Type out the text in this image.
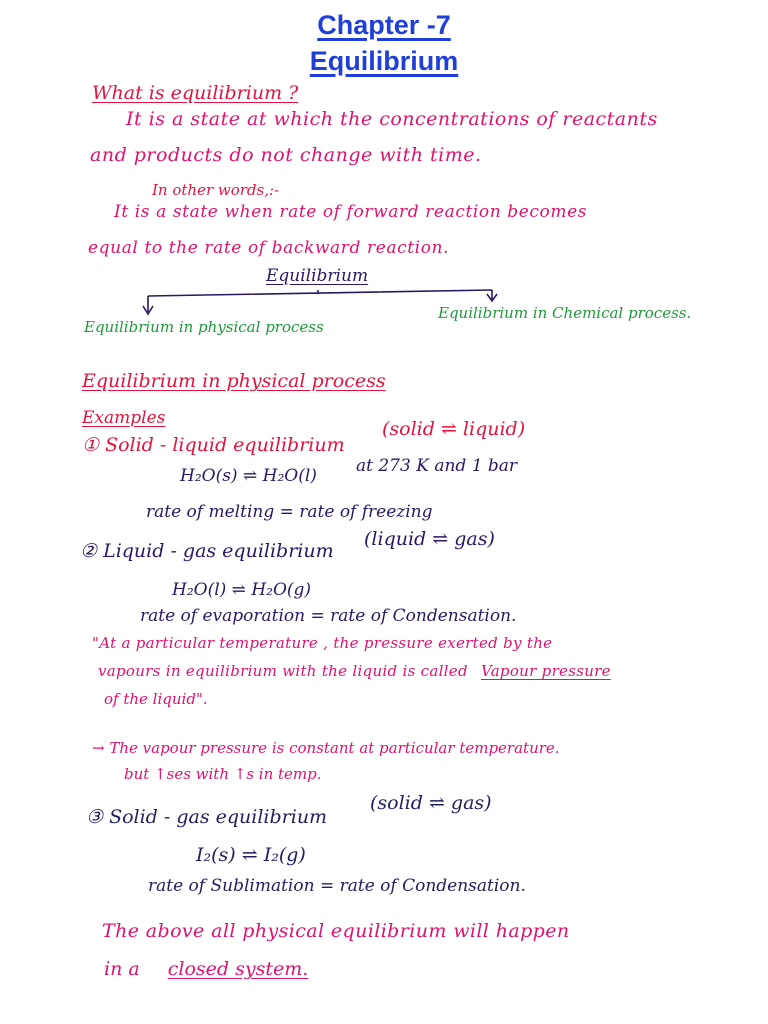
Chapter -7
Equilibrium
What is equilibrium ?
It is a state at which the concentrations of reactants
and products do not change with time.
In other words,:-
It is a state when rate of forward reaction becomes
equal to the rate of backward reaction.
Equilibrium
Equilibrium in physical process
Equilibrium in Chemical process.
Equilibrium in physical process
Examples
① Solid - liquid equilibrium
(solid ⇌ liquid)
H₂O(s) ⇌ H₂O(l) at 273 K and 1 bar
rate of melting = rate of freezing
② Liquid - gas equilibrium
(liquid ⇌ gas)
H₂O(l) ⇌ H₂O(g)
rate of evaporation = rate of Condensation.
"At a particular temperature , the pressure exerted by the
vapours in equilibrium with the liquid is called Vapour pressure
of the liquid".
→ The vapour pressure is constant at particular temperature.
but ↑ses with ↑s in temp.
③ Solid - gas equilibrium
(solid ⇌ gas)
I₂(s) ⇌ I₂(g)
rate of Sublimation = rate of Condensation.
The above all physical equilibrium will happen
in a closed system.
